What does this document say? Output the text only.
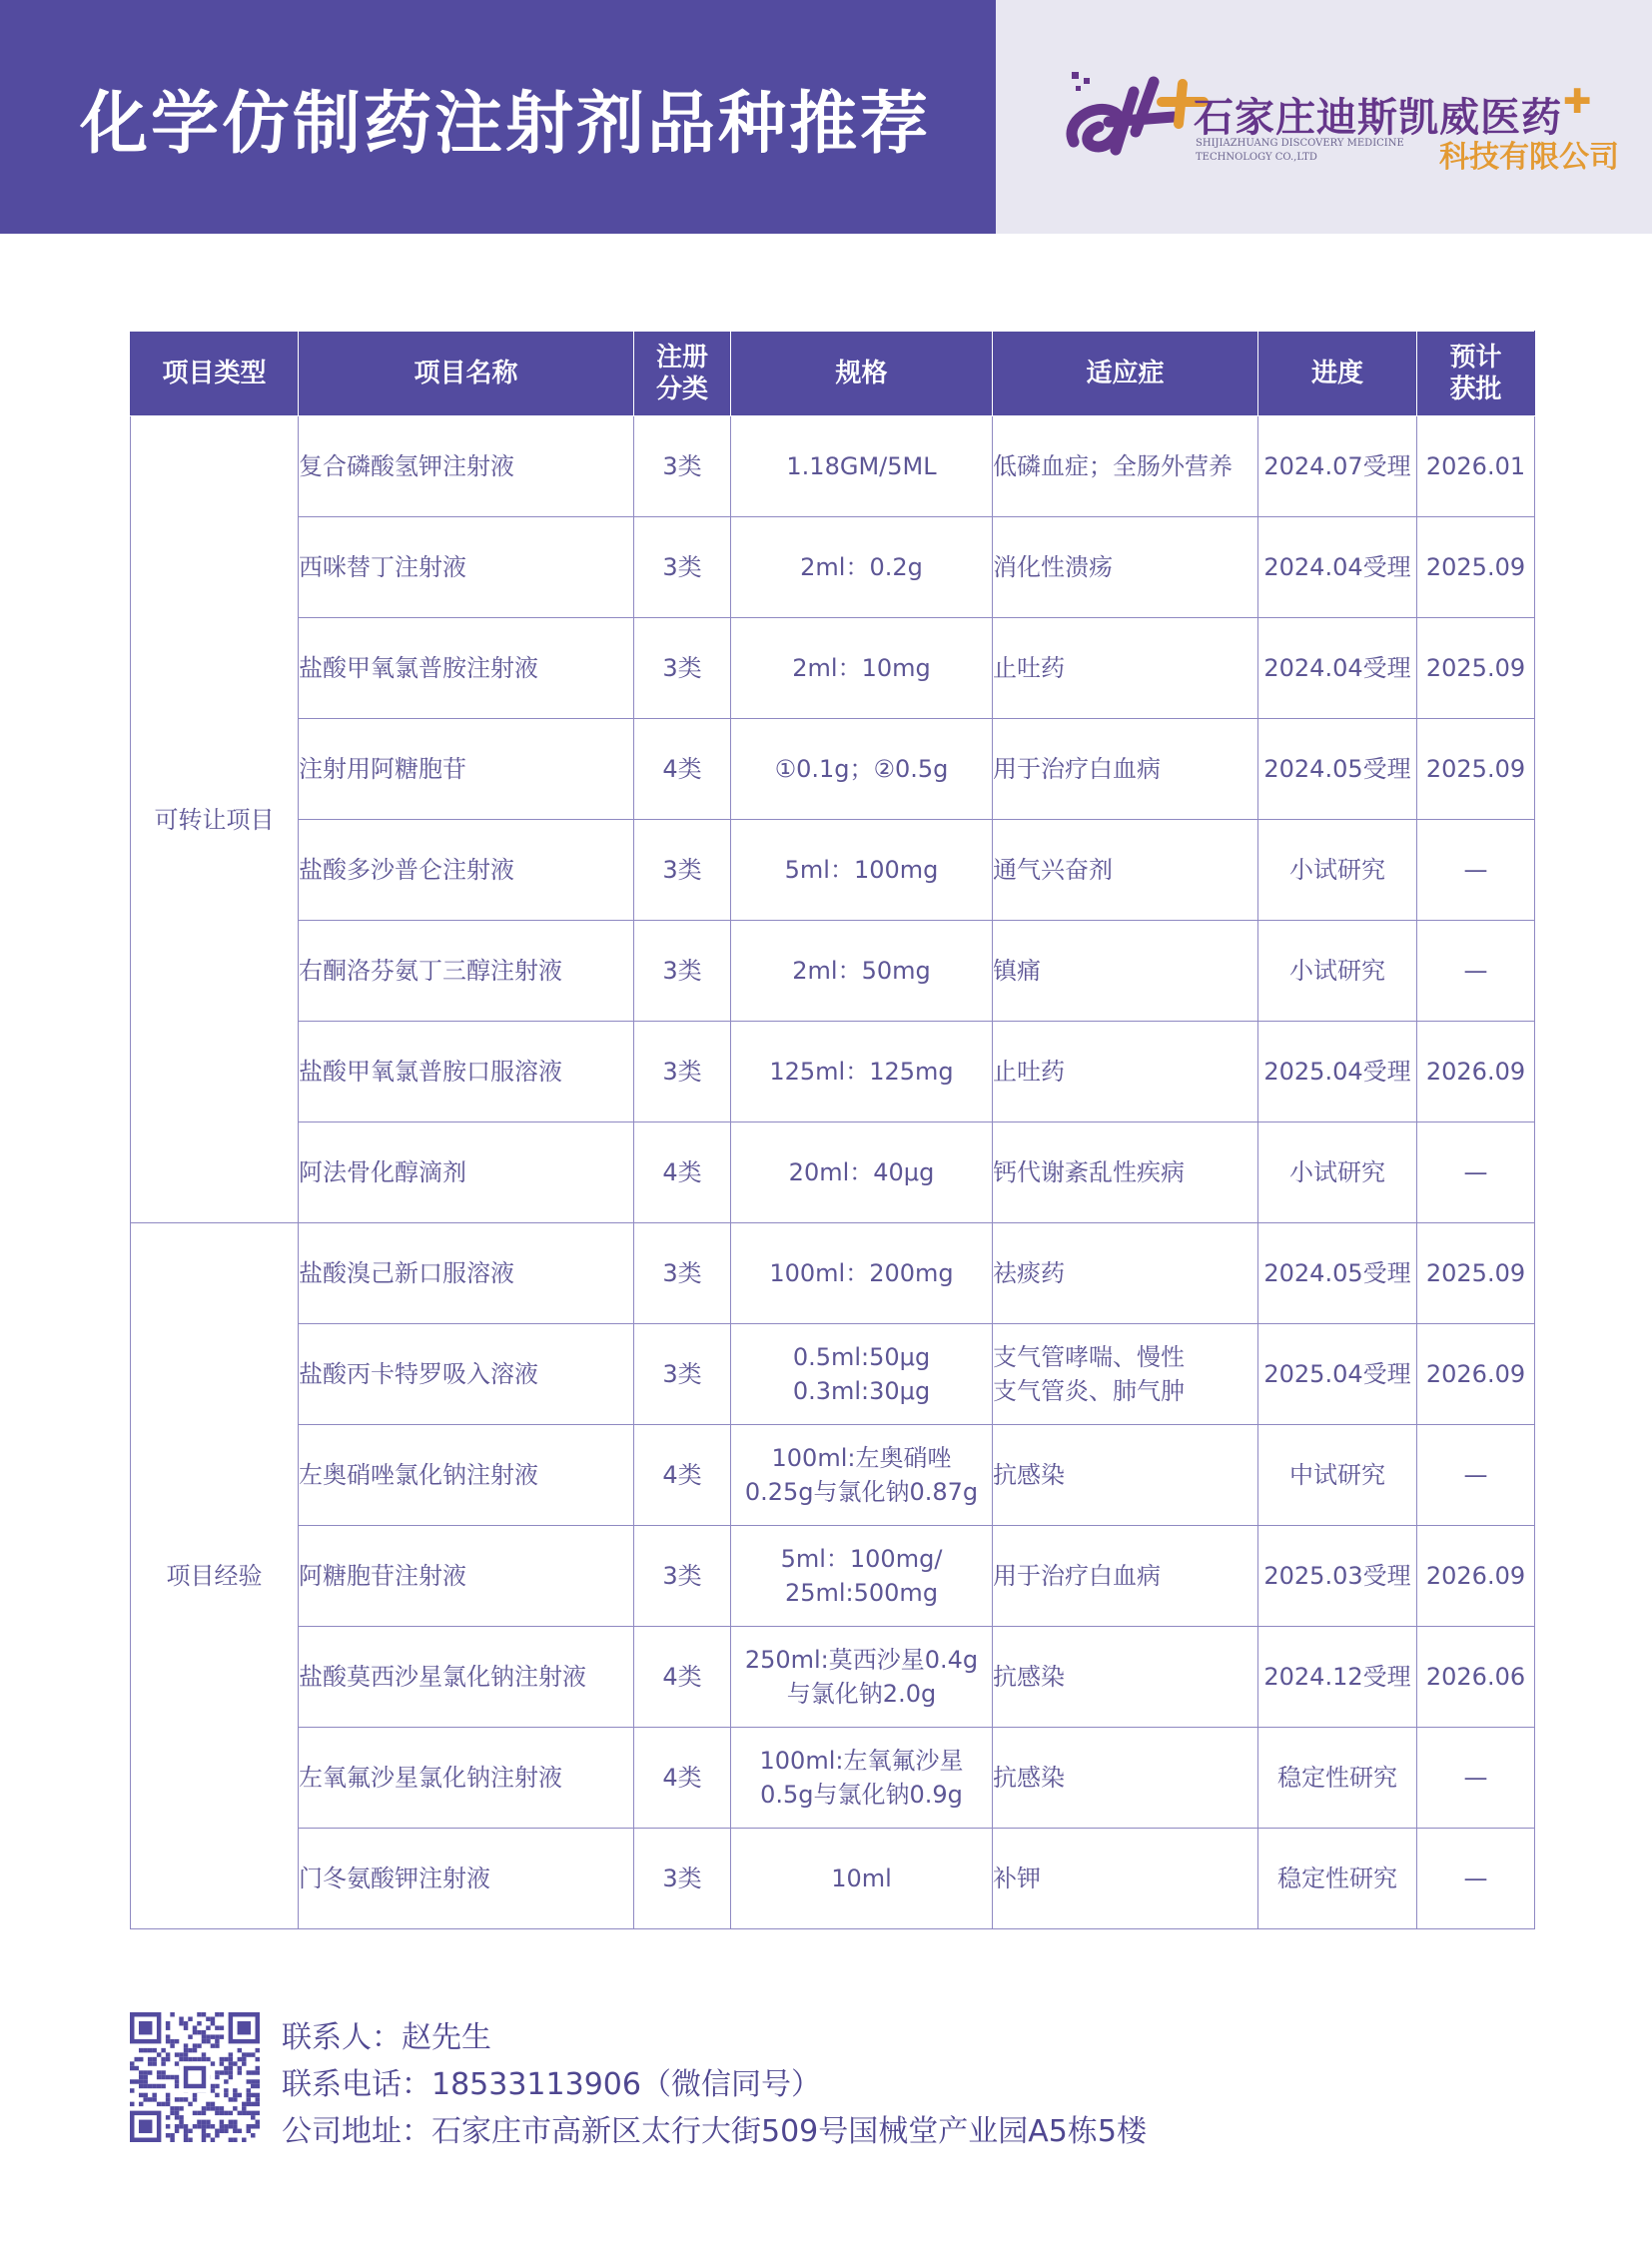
化学仿制药注射剂品种推荐	石家庄迪斯凯威医药 ✚
SHIJIAZHUANG DISCOVERY MEDICINE
TECHNOLOGY CO.,LTD	科技有限公司
项目类型	项目名称	注册
分类	规格	适应症	进度	预计
获批
可转让项目	复合磷酸氢钾注射液	3类	1.18GM/5ML	低磷血症；全肠外营养	2024.07受理	2026.01
	西咪替丁注射液	3类	2ml：0.2g	消化性溃疡	2024.04受理	2025.09
	盐酸甲氧氯普胺注射液	3类	2ml：10mg	止吐药	2024.04受理	2025.09
	注射用阿糖胞苷	4类	①0.1g；②0.5g	用于治疗白血病	2024.05受理	2025.09
	盐酸多沙普仑注射液	3类	5ml：100mg	通气兴奋剂	小试研究	—
	右酮洛芬氨丁三醇注射液	3类	2ml：50mg	镇痛	小试研究	—
	盐酸甲氧氯普胺口服溶液	3类	125ml：125mg	止吐药	2025.04受理	2026.09
	阿法骨化醇滴剂	4类	20ml：40μg	钙代谢紊乱性疾病	小试研究	—
项目经验	盐酸溴己新口服溶液	3类	100ml：200mg	祛痰药	2024.05受理	2025.09
	盐酸丙卡特罗吸入溶液	3类	0.5ml:50μg
0.3ml:30μg	支气管哮喘、慢性
支气管炎、肺气肿	2025.04受理	2026.09
	左奥硝唑氯化钠注射液	4类	100ml:左奥硝唑
0.25g与氯化钠0.87g	抗感染	中试研究	—
	阿糖胞苷注射液	3类	5ml：100mg/
25ml:500mg	用于治疗白血病	2025.03受理	2026.09
	盐酸莫西沙星氯化钠注射液	4类	250ml:莫西沙星0.4g
与氯化钠2.0g	抗感染	2024.12受理	2026.06
	左氧氟沙星氯化钠注射液	4类	100ml:左氧氟沙星
0.5g与氯化钠0.9g	抗感染	稳定性研究	—
	门冬氨酸钾注射液	3类	10ml	补钾	稳定性研究	—
联系人：赵先生
联系电话：18533113906（微信同号）
公司地址：石家庄市高新区太行大街509号国械堂产业园A5栋5楼
